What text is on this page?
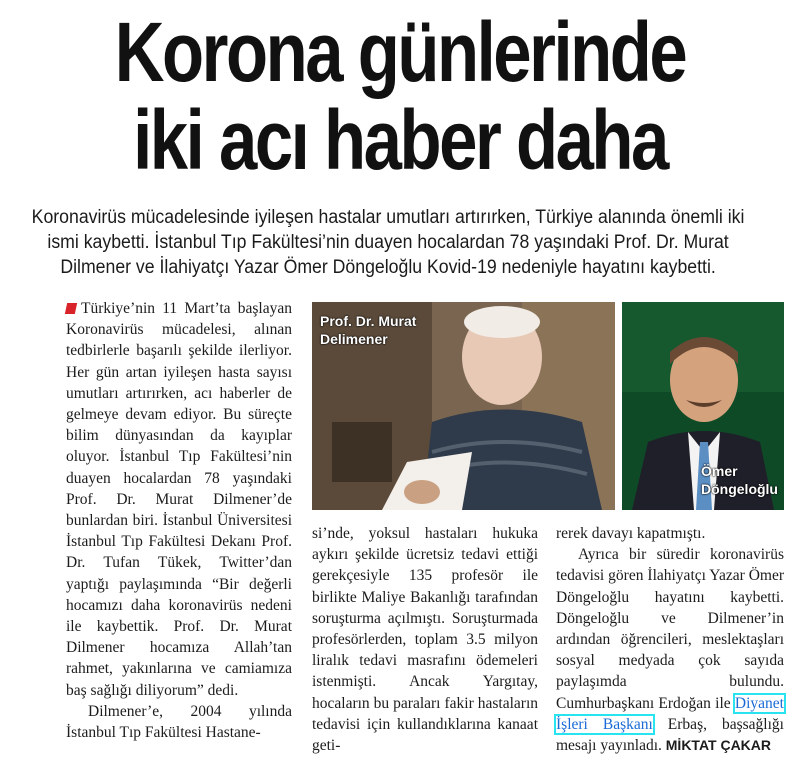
Korona günlerinde
iki acı haber daha

Koronavirüs mücadelesinde iyileşen hastalar umutları artırırken, Türkiye alanında önemli iki ismi kaybetti. İstanbul Tıp Fakültesi’nin duayen hocalardan 78 yaşındaki Prof. Dr. Murat Dilmener ve İlahiyatçı Yazar Ömer Döngeloğlu Kovid-19 nedeniyle hayatını kaybetti.

Türkiye’nin 11 Mart’ta başlayan Koronavirüs mücadelesi, alınan tedbirlerle başarılı şekilde ilerliyor. Her gün artan iyileşen hasta sayısı umutları artırırken, acı haberler de gelmeye devam ediyor. Bu süreçte bilim dünyasından da kayıplar oluyor. İstanbul Tıp Fakültesi’nin duayen hocalardan 78 yaşındaki Prof. Dr. Murat Dilmener’de bunlardan biri. İstanbul Üniversitesi İstanbul Tıp Fakültesi Dekanı Prof. Dr. Tufan Tükek, Twitter’dan yaptığı paylaşımında “Bir değerli hocamızı daha koronavirüs nedeni ile kaybettik. Prof. Dr. Murat Dilmener hocamıza Allah’tan rahmet, yakınlarına ve camiamıza baş sağlığı diliyorum” dedi.

Dilmener’e, 2004 yılında İstanbul Tıp Fakültesi Hastane-

Prof. Dr. Murat
Delimener
Ömer
Döngeloğlu

si’nde, yoksul hastaları hukuka aykırı şekilde ücretsiz tedavi ettiği gerekçesiyle 135 profesör ile birlikte Maliye Bakanlığı tarafından soruşturma açılmıştı. Soruşturmada profesörlerden, toplam 3.5 milyon liralık tedavi masrafını ödemeleri istenmişti. Ancak Yargıtay, hocaların bu paraları fakir hastaların tedavisi için kullandıklarına kanaat geti-

rerek davayı kapatmıştı.

Ayrıca bir süredir koronavirüs tedavisi gören İlahiyatçı Yazar Ömer Döngeloğlu hayatını kaybetti. Döngeloğlu ve Dilmener’in ardından öğrencileri, meslektaşları sosyal medyada çok sayıda paylaşımda bulundu. Cumhurbaşkanı Erdoğan ile Diyanet İşleri Başkanı Erbaş, başsağlığı mesajı yayınladı. MİKTAT ÇAKAR
